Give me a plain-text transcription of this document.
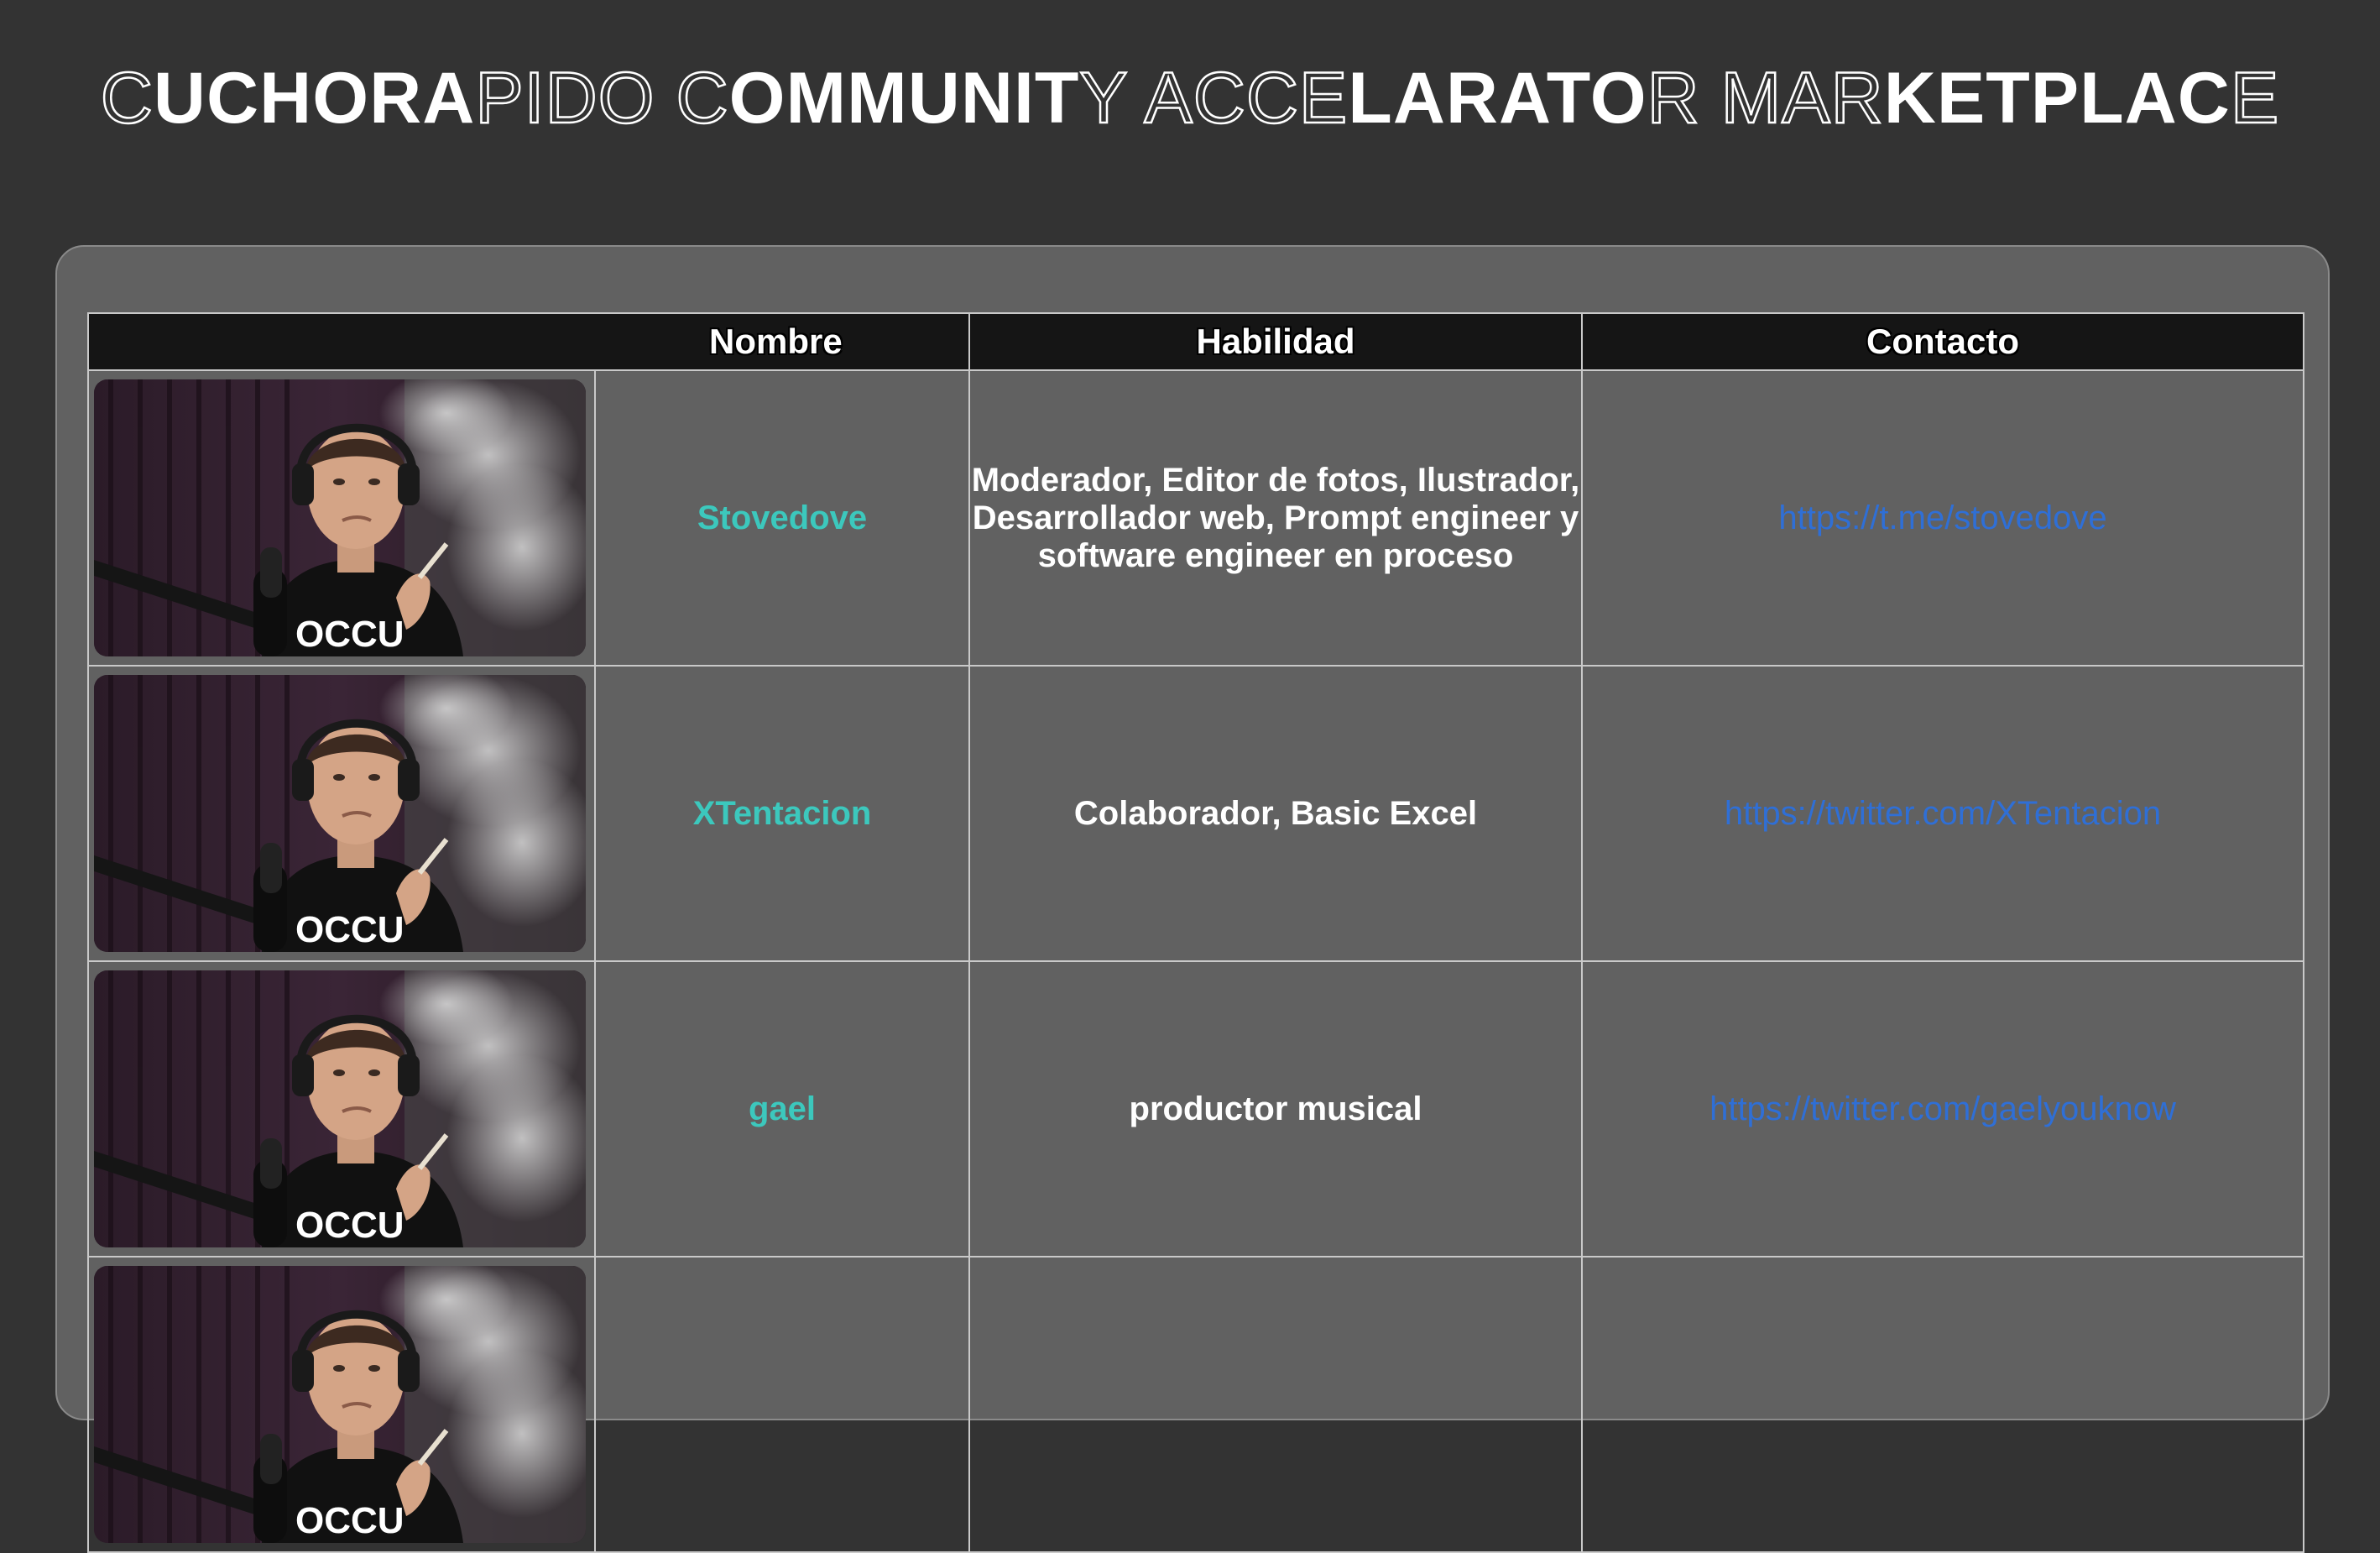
CUCHORAPIDO COMMUNITY ACCELARATOR MARKETPLACE
	Nombre	Habilidad	Contacto

OCCU	Stovedove	Moderador, Editor de fotos, Ilustrador, Desarrollador web, Prompt engineer y software engineer en proceso	https://t.me/stovedove

OCCU	XTentacion	Colaborador, Basic Excel	https://twitter.com/XTentacion

OCCU	gael	productor musical	https://twitter.com/gaelyouknow

OCCU			
